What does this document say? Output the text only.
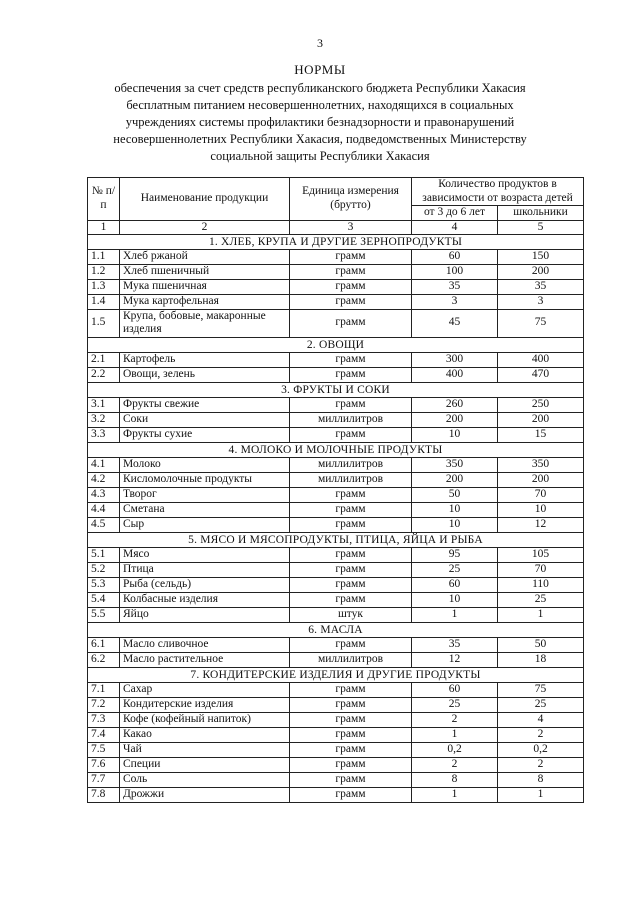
3
НОРМЫ
обеспечения за счет средств республиканского бюджета Республики Хакасия
бесплатным питанием несовершеннолетних, находящихся в социальных
учреждениях системы профилактики безнадзорности и правонарушений
несовершеннолетних Республики Хакасия, подведомственных Министерству
социальной защиты Республики Хакасия
№ п/п	Наименование продукции	Единица измерения (брутто)	Количество продуктов в зависимости от возраста детей	
			от 3 до 6 лет	школьники
1	2	3	4	5
1. ХЛЕБ, КРУПА И ДРУГИЕ ЗЕРНОПРОДУКТЫ				
1.1	Хлеб ржаной	грамм	60	150
1.2	Хлеб пшеничный	грамм	100	200
1.3	Мука пшеничная	грамм	35	35
1.4	Мука картофельная	грамм	3	3
1.5	Крупа, бобовые, макаронные изделия	грамм	45	75
2. ОВОЩИ				
2.1	Картофель	грамм	300	400
2.2	Овощи, зелень	грамм	400	470
3. ФРУКТЫ И СОКИ				
3.1	Фрукты свежие	грамм	260	250
3.2	Соки	миллилитров	200	200
3.3	Фрукты сухие	грамм	10	15
4. МОЛОКО И МОЛОЧНЫЕ ПРОДУКТЫ				
4.1	Молоко	миллилитров	350	350
4.2	Кисломолочные продукты	миллилитров	200	200
4.3	Творог	грамм	50	70
4.4	Сметана	грамм	10	10
4.5	Сыр	грамм	10	12
5. МЯСО И МЯСОПРОДУКТЫ, ПТИЦА, ЯЙЦА И РЫБА				
5.1	Мясо	грамм	95	105
5.2	Птица	грамм	25	70
5.3	Рыба (сельдь)	грамм	60	110
5.4	Колбасные изделия	грамм	10	25
5.5	Яйцо	штук	1	1
6. МАСЛА				
6.1	Масло сливочное	грамм	35	50
6.2	Масло растительное	миллилитров	12	18
7. КОНДИТЕРСКИЕ ИЗДЕЛИЯ И ДРУГИЕ ПРОДУКТЫ				
7.1	Сахар	грамм	60	75
7.2	Кондитерские изделия	грамм	25	25
7.3	Кофе (кофейный напиток)	грамм	2	4
7.4	Какао	грамм	1	2
7.5	Чай	грамм	0,2	0,2
7.6	Специи	грамм	2	2
7.7	Соль	грамм	8	8
7.8	Дрожжи	грамм	1	1
